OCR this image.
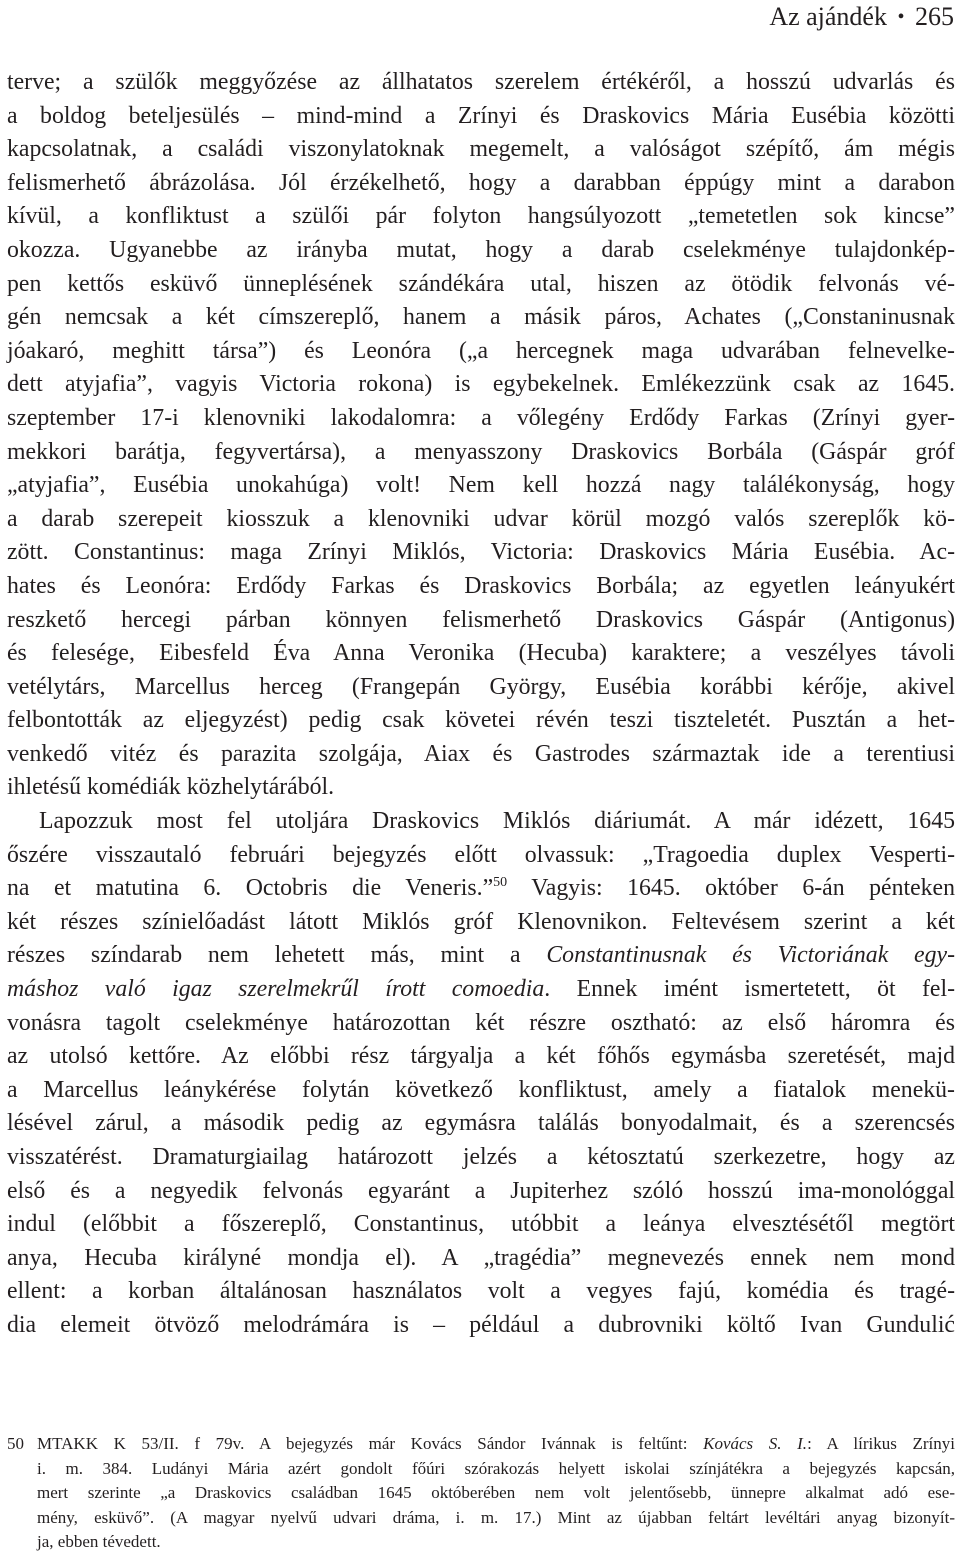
Az ajándék • 265
terve; a szülők meggyőzése az állhatatos szerelem értékéről, a hosszú udvarlás és
a boldog beteljesülés – mind-mind a Zrínyi és Draskovics Mária Eusébia közötti
kapcsolatnak, a családi viszonylatoknak megemelt, a valóságot szépítő, ám mégis
felismerhető ábrázolása. Jól érzékelhető, hogy a darabban éppúgy mint a darabon
kívül, a konfliktust a szülői pár folyton hangsúlyozott „temetetlen sok kincse”
okozza. Ugyanebbe az irányba mutat, hogy a darab cselekménye tulajdonkép-
pen kettős esküvő ünneplésének szándékára utal, hiszen az ötödik felvonás vé-
gén nemcsak a két címszereplő, hanem a másik páros, Achates („Constaninusnak
jóakaró, meghitt társa”) és Leonóra („a hercegnek maga udvarában felnevelke-
dett atyjafia”, vagyis Victoria rokona) is egybekelnek. Emlékezzünk csak az 1645.
szeptember 17-i klenovniki lakodalomra: a vőlegény Erdődy Farkas (Zrínyi gyer-
mekkori barátja, fegyvertársa), a menyasszony Draskovics Borbála (Gáspár gróf
„atyjafia”, Eusébia unokahúga) volt! Nem kell hozzá nagy találékonyság, hogy
a darab szerepeit kiosszuk a klenovniki udvar körül mozgó valós szereplők kö-
zött. Constantinus: maga Zrínyi Miklós, Victoria: Draskovics Mária Eusébia. Ac-
hates és Leonóra: Erdődy Farkas és Draskovics Borbála; az egyetlen leányukért
reszkető hercegi párban könnyen felismerhető Draskovics Gáspár (Antigonus)
és felesége, Eibesfeld Éva Anna Veronika (Hecuba) karaktere; a veszélyes távoli
vetélytárs, Marcellus herceg (Frangepán György, Eusébia korábbi kérője, akivel
felbontották az eljegyzést) pedig csak követei révén teszi tiszteletét. Pusztán a het-
venkedő vitéz és parazita szolgája, Aiax és Gastrodes származtak ide a terentiusi
ihletésű komédiák közhelytárából.
Lapozzuk most fel utoljára Draskovics Miklós diáriumát. A már idézett, 1645
őszére visszautaló februári bejegyzés előtt olvassuk: „Tragoedia duplex Vesperti-
na et matutina 6. Octobris die Veneris.”$^{50}$ Vagyis: 1645. október 6-án pénteken
két részes színielőadást látott Miklós gróf Klenovnikon. Feltevésem szerint a két
részes színdarab nem lehetett más, mint a Constantinusnak és Victoriának egy-
máshoz való igaz szerelmekrűl írott comoedia. Ennek imént ismertetett, öt fel-
vonásra tagolt cselekménye határozottan két részre osztható: az első háromra és
az utolsó kettőre. Az előbbi rész tárgyalja a két főhős egymásba szeretését, majd
a Marcellus leánykérése folytán következő konfliktust, amely a fiatalok menekü-
lésével zárul, a második pedig az egymásra találás bonyodalmait, és a szerencsés
visszatérést. Dramaturgiailag határozott jelzés a kétosztatú szerkezetre, hogy az
első és a negyedik felvonás egyaránt a Jupiterhez szóló hosszú ima-monológgal
indul (előbbit a főszereplő, Constantinus, utóbbit a leánya elvesztésétől megtört
anya, Hecuba királyné mondja el). A „tragédia” megnevezés ennek nem mond
ellent: a korban általánosan használatos volt a vegyes fajú, komédia és tragé-
dia elemeit ötvöző melodrámára is – például a dubrovniki költő Ivan Gundulić
50 MTAKK K 53/II. f 79v. A bejegyzés már Kovács Sándor Ivánnak is feltűnt: Kovács S. I.: A lírikus Zrínyi
i. m. 384. Ludányi Mária azért gondolt főúri szórakozás helyett iskolai színjátékra a bejegyzés kapcsán,
mert szerinte „a Draskovics családban 1645 októberében nem volt jelentősebb, ünnepre alkalmat adó ese-
mény, esküvő”. (A magyar nyelvű udvari dráma, i. m. 17.) Mint az újabban feltárt levéltári anyag bizonyít-
ja, ebben tévedett.
